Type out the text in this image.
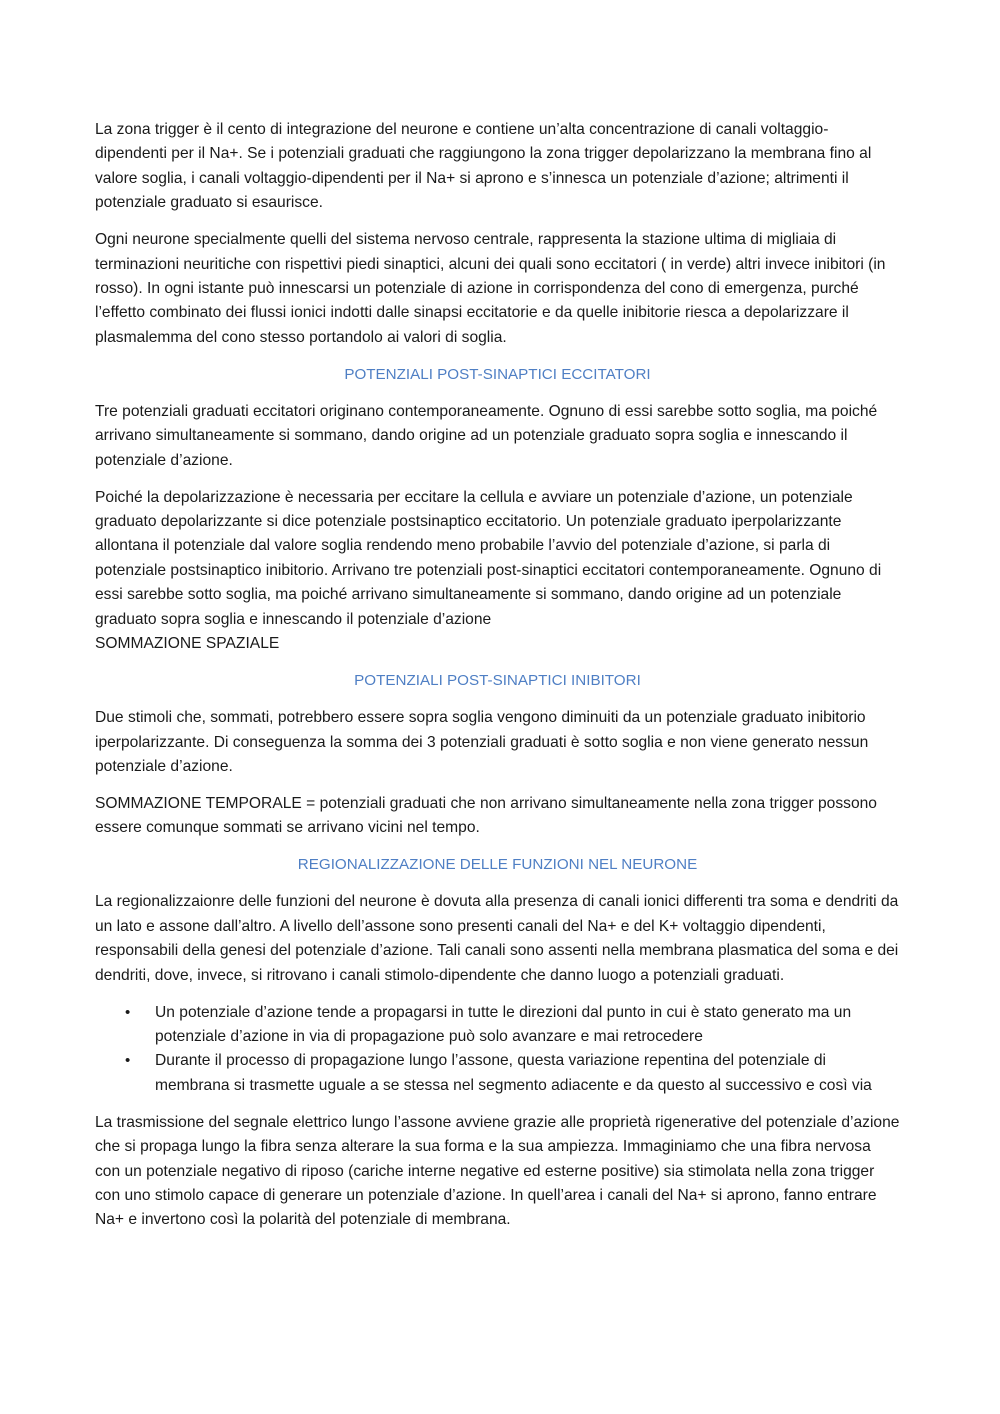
La zona trigger è il cento di integrazione del neurone e contiene un’alta concentrazione di canali voltaggio-dipendenti per il Na+. Se i potenziali graduati che raggiungono la zona trigger depolarizzano la membrana fino al valore soglia, i canali voltaggio-dipendenti per il Na+ si aprono e s’innesca un potenziale d’azione; altrimenti il potenziale graduato si esaurisce.

Ogni neurone specialmente quelli del sistema nervoso centrale, rappresenta la stazione ultima di migliaia di terminazioni neuritiche con rispettivi piedi sinaptici, alcuni dei quali sono eccitatori ( in verde) altri invece inibitori (in rosso). In ogni istante può innescarsi un potenziale di azione in corrispondenza del cono di emergenza, purché l’effetto combinato dei flussi ionici indotti dalle sinapsi eccitatorie e da quelle inibitorie riesca a depolarizzare il plasmalemma del cono stesso portandolo ai valori di soglia.

POTENZIALI POST-SINAPTICI ECCITATORI

Tre potenziali graduati eccitatori originano contemporaneamente. Ognuno di essi sarebbe sotto soglia, ma poiché arrivano simultaneamente si sommano, dando origine ad un potenziale graduato sopra soglia e innescando il potenziale d’azione.

Poiché la depolarizzazione è necessaria per eccitare la cellula e avviare un potenziale d’azione, un potenziale graduato depolarizzante si dice potenziale postsinaptico eccitatorio. Un potenziale graduato iperpolarizzante allontana il potenziale dal valore soglia rendendo meno probabile l’avvio del potenziale d’azione, si parla di potenziale postsinaptico inibitorio. Arrivano tre potenziali post-sinaptici eccitatori contemporaneamente. Ognuno di essi sarebbe sotto soglia, ma poiché arrivano simultaneamente si sommano, dando origine ad un potenziale graduato sopra soglia e innescando il potenziale d’azione
SOMMAZIONE SPAZIALE

POTENZIALI POST-SINAPTICI INIBITORI

Due stimoli che, sommati, potrebbero essere sopra soglia vengono diminuiti da un potenziale graduato inibitorio iperpolarizzante. Di conseguenza la somma dei 3 potenziali graduati è sotto soglia e non viene generato nessun potenziale d’azione.

SOMMAZIONE TEMPORALE = potenziali graduati che non arrivano simultaneamente nella zona trigger possono essere comunque sommati se arrivano vicini nel tempo.

REGIONALIZZAZIONE DELLE FUNZIONI NEL NEURONE

La regionalizzaionre delle funzioni del neurone è dovuta alla presenza di canali ionici differenti tra soma e dendriti da un lato e assone dall’altro. A livello dell’assone sono presenti canali del Na+ e del K+ voltaggio dipendenti, responsabili della genesi del potenziale d’azione. Tali canali sono assenti nella membrana plasmatica del soma e dei dendriti, dove, invece, si ritrovano i canali stimolo-dipendente che danno luogo a potenziali graduati.

• Un potenziale d’azione tende a propagarsi in tutte le direzioni dal punto in cui è stato generato ma un potenziale d’azione in via di propagazione può solo avanzare e mai retrocedere
• Durante il processo di propagazione lungo l’assone, questa variazione repentina del potenziale di membrana si trasmette uguale a se stessa nel segmento adiacente e da questo al successivo e così via

La trasmissione del segnale elettrico lungo l’assone avviene grazie alle proprietà rigenerative del potenziale d’azione che si propaga lungo la fibra senza alterare la sua forma e la sua ampiezza. Immaginiamo che una fibra nervosa con un potenziale negativo di riposo (cariche interne negative ed esterne positive) sia stimolata nella zona trigger con uno stimolo capace di generare un potenziale d’azione. In quell’area i canali del Na+ si aprono, fanno entrare Na+ e invertono così la polarità del potenziale di membrana.
